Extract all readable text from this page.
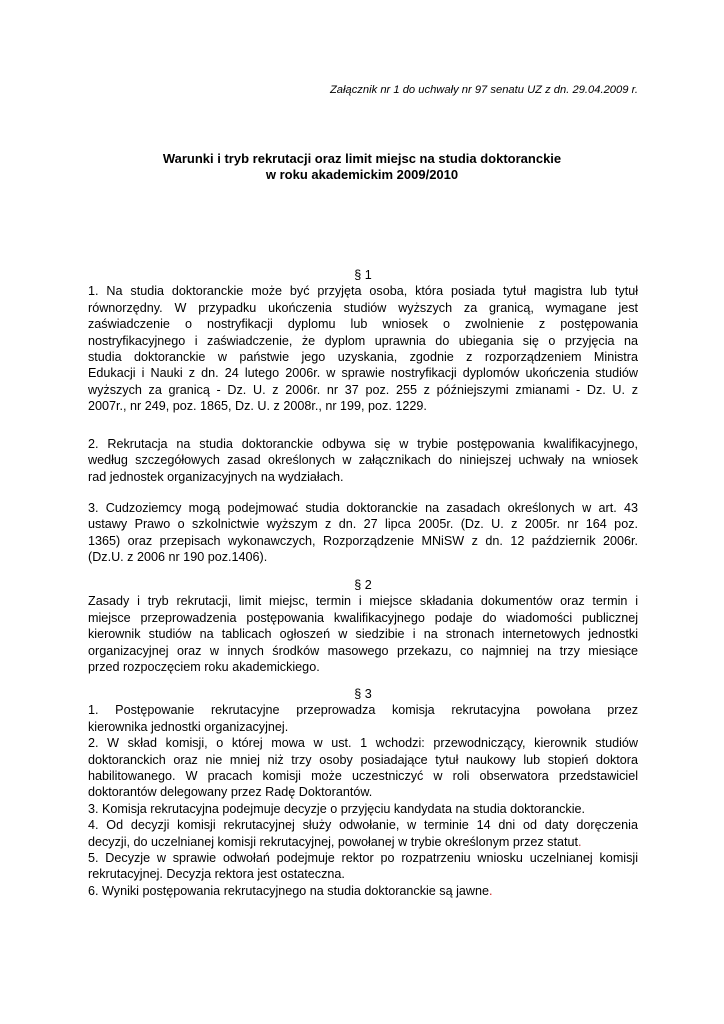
Załącznik nr 1 do uchwały nr 97 senatu UZ z dn. 29.04.2009 r.
Warunki i tryb rekrutacji oraz limit miejsc na studia doktoranckie
w roku akademickim 2009/2010
§ 1
1. Na studia doktoranckie może być przyjęta osoba, która posiada tytuł magistra lub tytuł
równorzędny. W przypadku ukończenia studiów wyższych za granicą, wymagane jest
zaświadczenie o nostryfikacji dyplomu lub wniosek o zwolnienie z postępowania
nostryfikacyjnego i zaświadczenie, że dyplom uprawnia do ubiegania się o przyjęcia na
studia doktoranckie w państwie jego uzyskania, zgodnie z rozporządzeniem Ministra
Edukacji i Nauki z dn. 24 lutego 2006r. w sprawie nostryfikacji dyplomów ukończenia studiów
wyższych za granicą - Dz. U. z 2006r. nr 37 poz. 255 z późniejszymi zmianami - Dz. U. z
2007r., nr 249, poz. 1865, Dz. U. z 2008r., nr 199, poz. 1229.
2. Rekrutacja na studia doktoranckie odbywa się w trybie postępowania kwalifikacyjnego,
według szczegółowych zasad określonych w załącznikach do niniejszej uchwały na wniosek
rad jednostek organizacyjnych na wydziałach.
3. Cudzoziemcy mogą podejmować studia doktoranckie na zasadach określonych w art. 43
ustawy Prawo o szkolnictwie wyższym z dn. 27 lipca 2005r. (Dz. U. z 2005r. nr 164 poz.
1365) oraz przepisach wykonawczych, Rozporządzenie MNiSW z dn. 12 październik 2006r.
(Dz.U. z 2006 nr 190 poz.1406).
§ 2
Zasady i tryb rekrutacji, limit miejsc, termin i miejsce składania dokumentów oraz termin i
miejsce przeprowadzenia postępowania kwalifikacyjnego podaje do wiadomości publicznej
kierownik studiów na tablicach ogłoszeń w siedzibie i na stronach internetowych jednostki
organizacyjnej oraz w innych środków masowego przekazu, co najmniej na trzy miesiące
przed rozpoczęciem roku akademickiego.
§ 3
1. Postępowanie rekrutacyjne przeprowadza komisja rekrutacyjna powołana przez
kierownika jednostki organizacyjnej.
2. W skład komisji, o której mowa w ust. 1 wchodzi: przewodniczący, kierownik studiów
doktoranckich oraz nie mniej niż trzy osoby posiadające tytuł naukowy lub stopień doktora
habilitowanego. W pracach komisji może uczestniczyć w roli obserwatora przedstawiciel
doktorantów delegowany przez Radę Doktorantów.
3. Komisja rekrutacyjna podejmuje decyzje o przyjęciu kandydata na studia doktoranckie.
4. Od decyzji komisji rekrutacyjnej służy odwołanie, w terminie 14 dni od daty doręczenia
decyzji, do uczelnianej komisji rekrutacyjnej, powołanej w trybie określonym przez statut.
5. Decyzje w sprawie odwołań podejmuje rektor po rozpatrzeniu wniosku uczelnianej komisji
rekrutacyjnej. Decyzja rektora jest ostateczna.
6. Wyniki postępowania rekrutacyjnego na studia doktoranckie są jawne.
